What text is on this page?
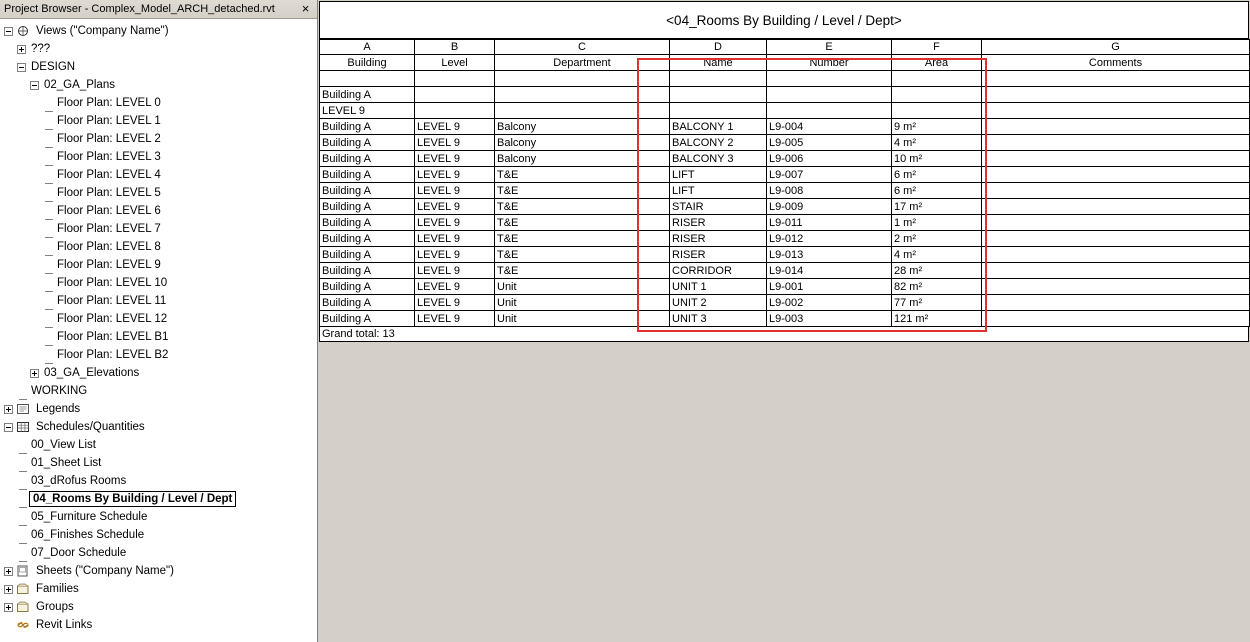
Project Browser - Complex_Model_ARCH_detached.rvt ×
Views ("Company Name")
???
DESIGN
02_GA_Plans
Floor Plan: LEVEL 0
Floor Plan: LEVEL 1
Floor Plan: LEVEL 2
Floor Plan: LEVEL 3
Floor Plan: LEVEL 4
Floor Plan: LEVEL 5
Floor Plan: LEVEL 6
Floor Plan: LEVEL 7
Floor Plan: LEVEL 8
Floor Plan: LEVEL 9
Floor Plan: LEVEL 10
Floor Plan: LEVEL 11
Floor Plan: LEVEL 12
Floor Plan: LEVEL B1
Floor Plan: LEVEL B2
03_GA_Elevations
WORKING
Legends
Schedules/Quantities
00_View List
01_Sheet List
03_dRofus Rooms
04_Rooms By Building / Level / Dept
05_Furniture Schedule
06_Finishes Schedule
07_Door Schedule
Sheets ("Company Name")
Families
Groups
Revit Links
<04_Rooms By Building / Level / Dept>
A	B	C	D	E	F	G
Building	Level	Department	Name	Number	Area	Comments

Building A						
LEVEL 9						
Building A	LEVEL 9	Balcony	BALCONY 1	L9-004	9 m²	
Building A	LEVEL 9	Balcony	BALCONY 2	L9-005	4 m²	
Building A	LEVEL 9	Balcony	BALCONY 3	L9-006	10 m²	
Building A	LEVEL 9	T&E	LIFT	L9-007	6 m²	
Building A	LEVEL 9	T&E	LIFT	L9-008	6 m²	
Building A	LEVEL 9	T&E	STAIR	L9-009	17 m²	
Building A	LEVEL 9	T&E	RISER	L9-011	1 m²	
Building A	LEVEL 9	T&E	RISER	L9-012	2 m²	
Building A	LEVEL 9	T&E	RISER	L9-013	4 m²	
Building A	LEVEL 9	T&E	CORRIDOR	L9-014	28 m²	
Building A	LEVEL 9	Unit	UNIT 1	L9-001	82 m²	
Building A	LEVEL 9	Unit	UNIT 2	L9-002	77 m²	
Building A	LEVEL 9	Unit	UNIT 3	L9-003	121 m²	
Grand total: 13
